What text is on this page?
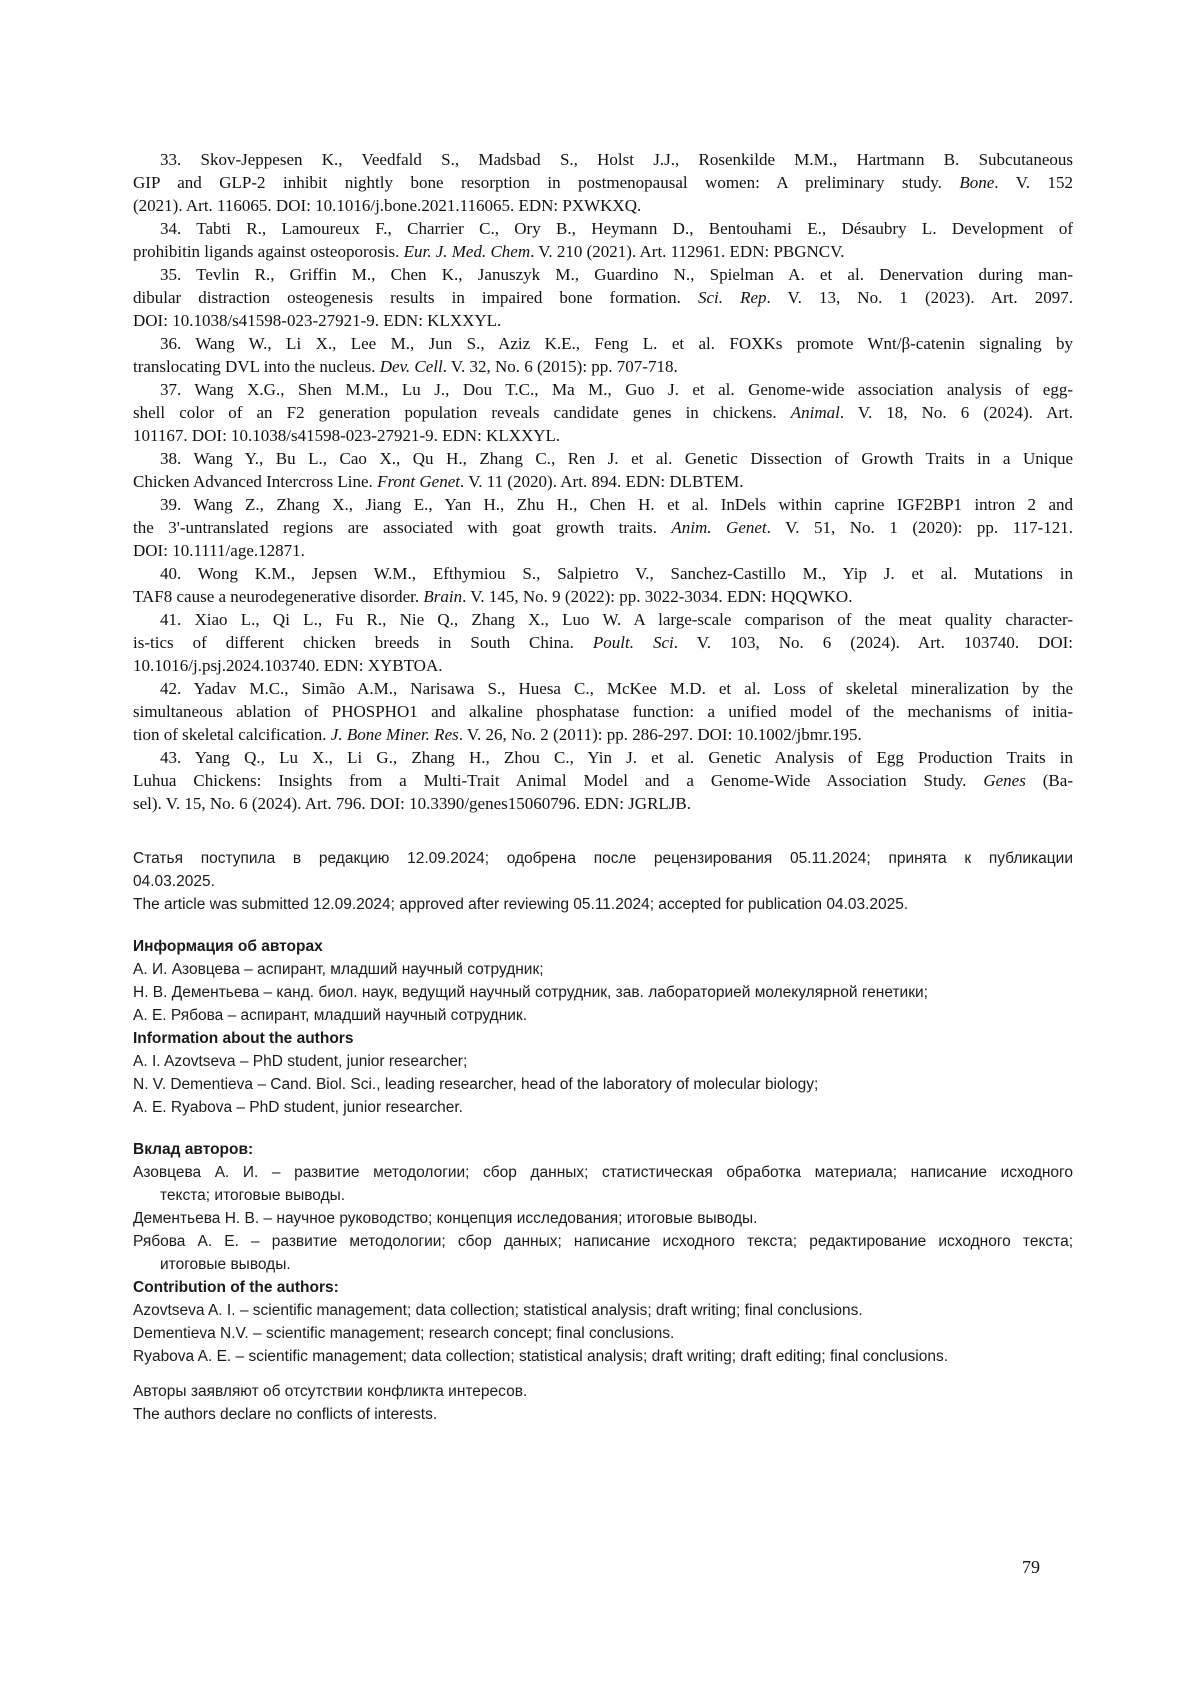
33. Skov-Jeppesen K., Veedfald S., Madsbad S., Holst J.J., Rosenkilde M.M., Hartmann B. Subcutaneous
GIP and GLP-2 inhibit nightly bone resorption in postmenopausal women: A preliminary study. Bone. V. 152
(2021). Art. 116065. DOI: 10.1016/j.bone.2021.116065. EDN: PXWKXQ.
34. Tabti R., Lamoureux F., Charrier C., Ory B., Heymann D., Bentouhami E., Désaubry L. Development of
prohibitin ligands against osteoporosis. Eur. J. Med. Chem. V. 210 (2021). Art. 112961. EDN: PBGNCV.
35. Tevlin R., Griffin M., Chen K., Januszyk M., Guardino N., Spielman A. et al. Denervation during man-
dibular distraction osteogenesis results in impaired bone formation. Sci. Rep. V. 13, No. 1 (2023). Art. 2097.
DOI: 10.1038/s41598-023-27921-9. EDN: KLXXYL.
36. Wang W., Li X., Lee M., Jun S., Aziz K.E., Feng L. et al. FOXKs promote Wnt/β-catenin signaling by
translocating DVL into the nucleus. Dev. Cell. V. 32, No. 6 (2015): pp. 707-718.
37. Wang X.G., Shen M.M., Lu J., Dou T.C., Ma M., Guo J. et al. Genome-wide association analysis of egg-
shell color of an F2 generation population reveals candidate genes in chickens. Animal. V. 18, No. 6 (2024). Art.
101167. DOI: 10.1038/s41598-023-27921-9. EDN: KLXXYL.
38. Wang Y., Bu L., Cao X., Qu H., Zhang C., Ren J. et al. Genetic Dissection of Growth Traits in a Unique
Chicken Advanced Intercross Line. Front Genet. V. 11 (2020). Art. 894. EDN: DLBTEM.
39. Wang Z., Zhang X., Jiang E., Yan H., Zhu H., Chen H. et al. InDels within caprine IGF2BP1 intron 2 and
the 3'-untranslated regions are associated with goat growth traits. Anim. Genet. V. 51, No. 1 (2020): pp. 117-121.
DOI: 10.1111/age.12871.
40. Wong K.M., Jepsen W.M., Efthymiou S., Salpietro V., Sanchez-Castillo M., Yip J. et al. Mutations in
TAF8 cause a neurodegenerative disorder. Brain. V. 145, No. 9 (2022): pp. 3022-3034. EDN: HQQWKO.
41. Xiao L., Qi L., Fu R., Nie Q., Zhang X., Luo W. A large-scale comparison of the meat quality character-
is-tics of different chicken breeds in South China. Poult. Sci. V. 103, No. 6 (2024). Art. 103740. DOI:
10.1016/j.psj.2024.103740. EDN: XYBTOA.
42. Yadav M.C., Simão A.M., Narisawa S., Huesa C., McKee M.D. et al. Loss of skeletal mineralization by the
simultaneous ablation of PHOSPHO1 and alkaline phosphatase function: a unified model of the mechanisms of initia-
tion of skeletal calcification. J. Bone Miner. Res. V. 26, No. 2 (2011): pp. 286-297. DOI: 10.1002/jbmr.195.
43. Yang Q., Lu X., Li G., Zhang H., Zhou C., Yin J. et al. Genetic Analysis of Egg Production Traits in
Luhua Chickens: Insights from a Multi-Trait Animal Model and a Genome-Wide Association Study. Genes (Ba-
sel). V. 15, No. 6 (2024). Art. 796. DOI: 10.3390/genes15060796. EDN: JGRLJB.
Статья поступила в редакцию 12.09.2024; одобрена после рецензирования 05.11.2024; принята к публикации
04.03.2025.
The article was submitted 12.09.2024; approved after reviewing 05.11.2024; accepted for publication 04.03.2025.
Информация об авторах
А. И. Азовцева – аспирант, младший научный сотрудник;
Н. В. Дементьева – канд. биол. наук, ведущий научный сотрудник, зав. лабораторией молекулярной генетики;
А. Е. Рябова – аспирант, младший научный сотрудник.
Information about the authors
A. I. Azovtseva – PhD student, junior researcher;
N. V. Dementieva – Cand. Biol. Sci., leading researcher, head of the laboratory of molecular biology;
A. E. Ryabova – PhD student, junior researcher.
Вклад авторов:
Азовцева А. И. – развитие методологии; сбор данных; статистическая обработка материала; написание исходного
текста; итоговые выводы.
Дементьева Н. В. – научное руководство; концепция исследования; итоговые выводы.
Рябова А. Е. – развитие методологии; сбор данных; написание исходного текста; редактирование исходного текста;
итоговые выводы.
Contribution of the authors:
Azovtseva A. I. – scientific management; data collection; statistical analysis; draft writing; final conclusions.
Dementieva N.V. – scientific management; research concept; final conclusions.
Ryabova A. E. – scientific management; data collection; statistical analysis; draft writing; draft editing; final conclusions.
Авторы заявляют об отсутствии конфликта интересов.
The authors declare no conflicts of interests.
79
